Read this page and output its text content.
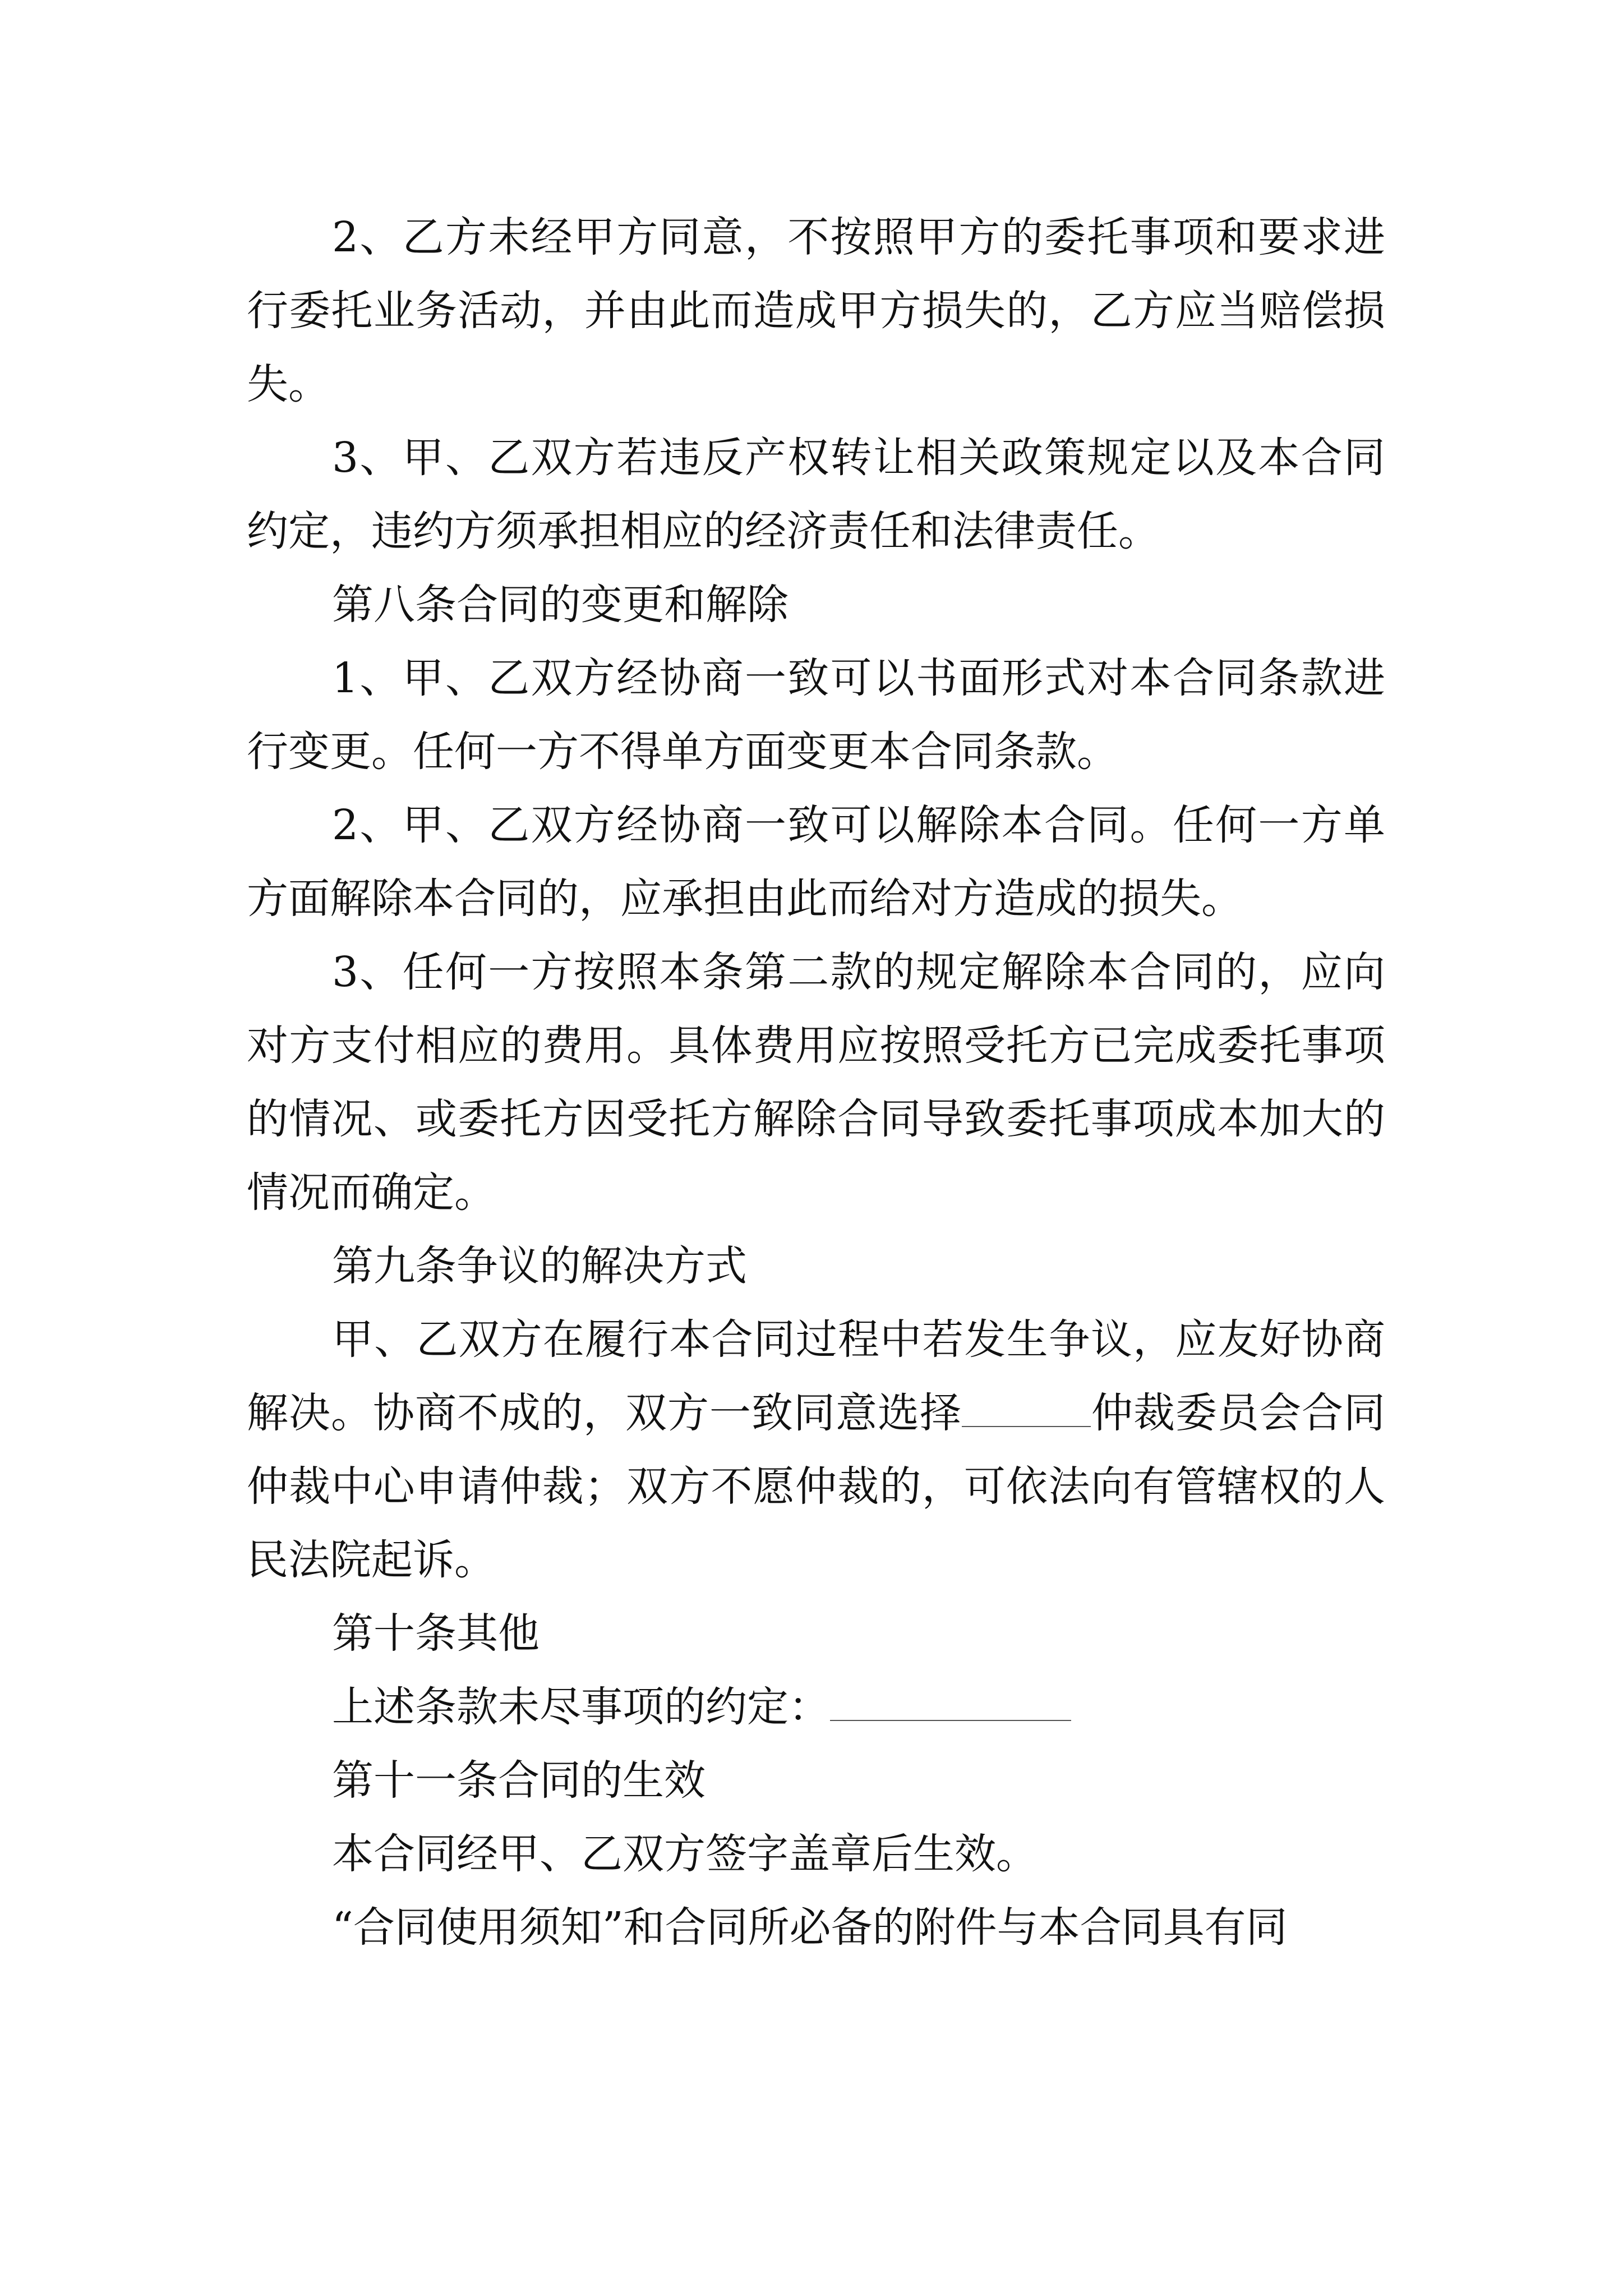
2、乙方未经甲方同意，不按照甲方的委托事项和要求进行委托业务活动，并由此而造成甲方损失的，乙方应当赔偿损失。

3、甲、乙双方若违反产权转让相关政策规定以及本合同约定，违约方须承担相应的经济责任和法律责任。

第八条合同的变更和解除

1、甲、乙双方经协商一致可以书面形式对本合同条款进行变更。任何一方不得单方面变更本合同条款。

2、甲、乙双方经协商一致可以解除本合同。任何一方单方面解除本合同的，应承担由此而给对方造成的损失。

3、任何一方按照本条第二款的规定解除本合同的，应向对方支付相应的费用。具体费用应按照受托方已完成委托事项的情况、或委托方因受托方解除合同导致委托事项成本加大的情况而确定。

第九条争议的解决方式

甲、乙双方在履行本合同过程中若发生争议，应友好协商解决。协商不成的，双方一致同意选择	仲裁委员会合同仲裁中心申请仲裁；双方不愿仲裁的，可依法向有管辖权的人民法院起诉。

第十条其他

上述条款未尽事项的约定：

第十一条合同的生效

本合同经甲、乙双方签字盖章后生效。

“合同使用须知”和合同所必备的附件与本合同具有同
